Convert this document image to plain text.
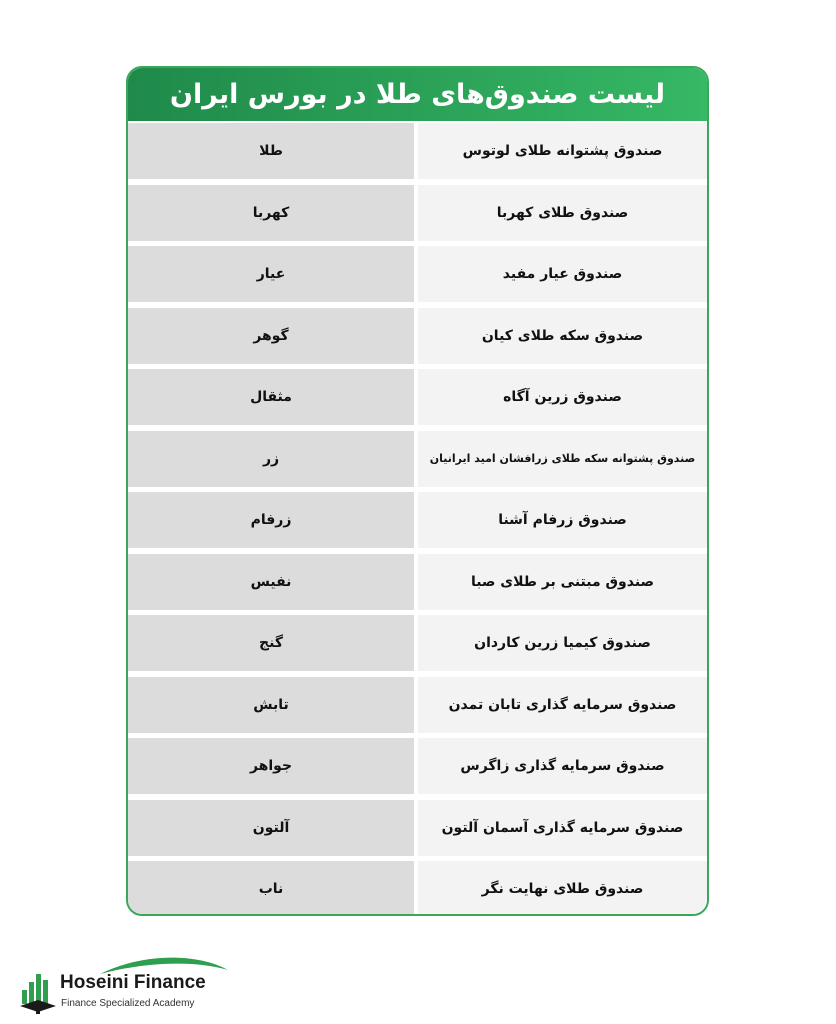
لیست صندوق‌های طلا در بورس ایران
طلا	صندوق پشتوانه طلای لوتوس
کهربا	صندوق طلای کهربا
عیار	صندوق عیار مفید
گوهر	صندوق سکه طلای کیان
مثقال	صندوق زرین آگاه
زر	صندوق پشتوانه سکه طلای زرافشان امید ایرانیان
زرفام	صندوق زرفام آشنا
نفیس	صندوق مبتنی بر طلای صبا
گنج	صندوق کیمیا زرین کاردان
تابش	صندوق سرمایه گذاری تابان تمدن
جواهر	صندوق سرمایه گذاری زاگرس
آلتون	صندوق سرمایه گذاری آسمان آلتون
ناب	صندوق طلای نهایت نگر
Hoseini Finance
Finance Specialized Academy
